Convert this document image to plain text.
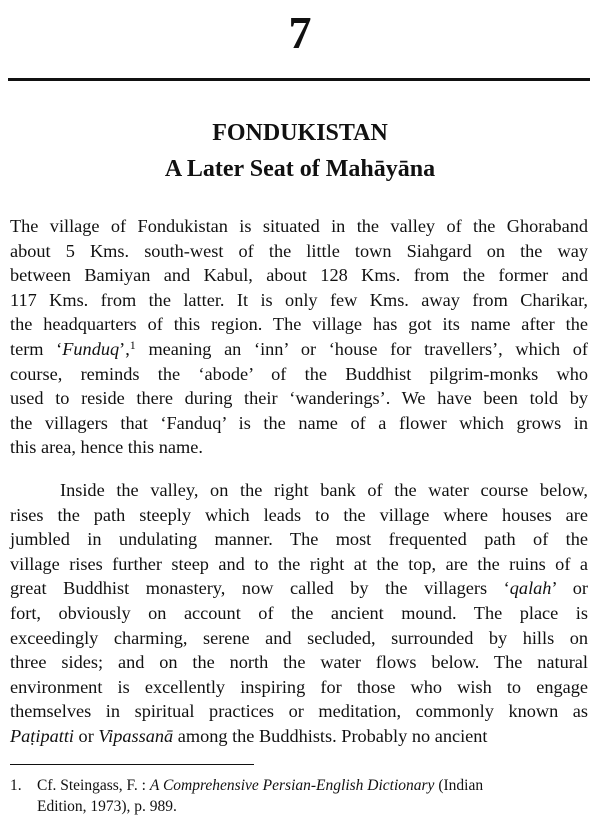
7
FONDUKISTAN
A Later Seat of Mahāyāna
The village of Fondukistan is situated in the valley of the Ghoraband
about 5 Kms. south-west of the little town Siahgard on the way
between Bamiyan and Kabul, about 128 Kms. from the former and
117 Kms. from the latter. It is only few Kms. away from Charikar,
the headquarters of this region. The village has got its name after the
term ‘Funduq’,$^1$ meaning an ‘inn’ or ‘house for travellers’, which of
course, reminds the ‘abode’ of the Buddhist pilgrim-monks who
used to reside there during their ‘wanderings’. We have been told by
the villagers that ‘Fanduq’ is the name of a flower which grows in
this area, hence this name.
Inside the valley, on the right bank of the water course below,
rises the path steeply which leads to the village where houses are
jumbled in undulating manner. The most frequented path of the
village rises further steep and to the right at the top, are the ruins of a
great Buddhist monastery, now called by the villagers ‘qalah’ or
fort, obviously on account of the ancient mound. The place is
exceedingly charming, serene and secluded, surrounded by hills on
three sides; and on the north the water flows below. The natural
environment is excellently inspiring for those who wish to engage
themselves in spiritual practices or meditation, commonly known as
Paṭipatti or Vipassanā among the Buddhists. Probably no ancient
1. Cf. Steingass, F. : A Comprehensive Persian-English Dictionary (Indian
Edition, 1973), p. 989.
